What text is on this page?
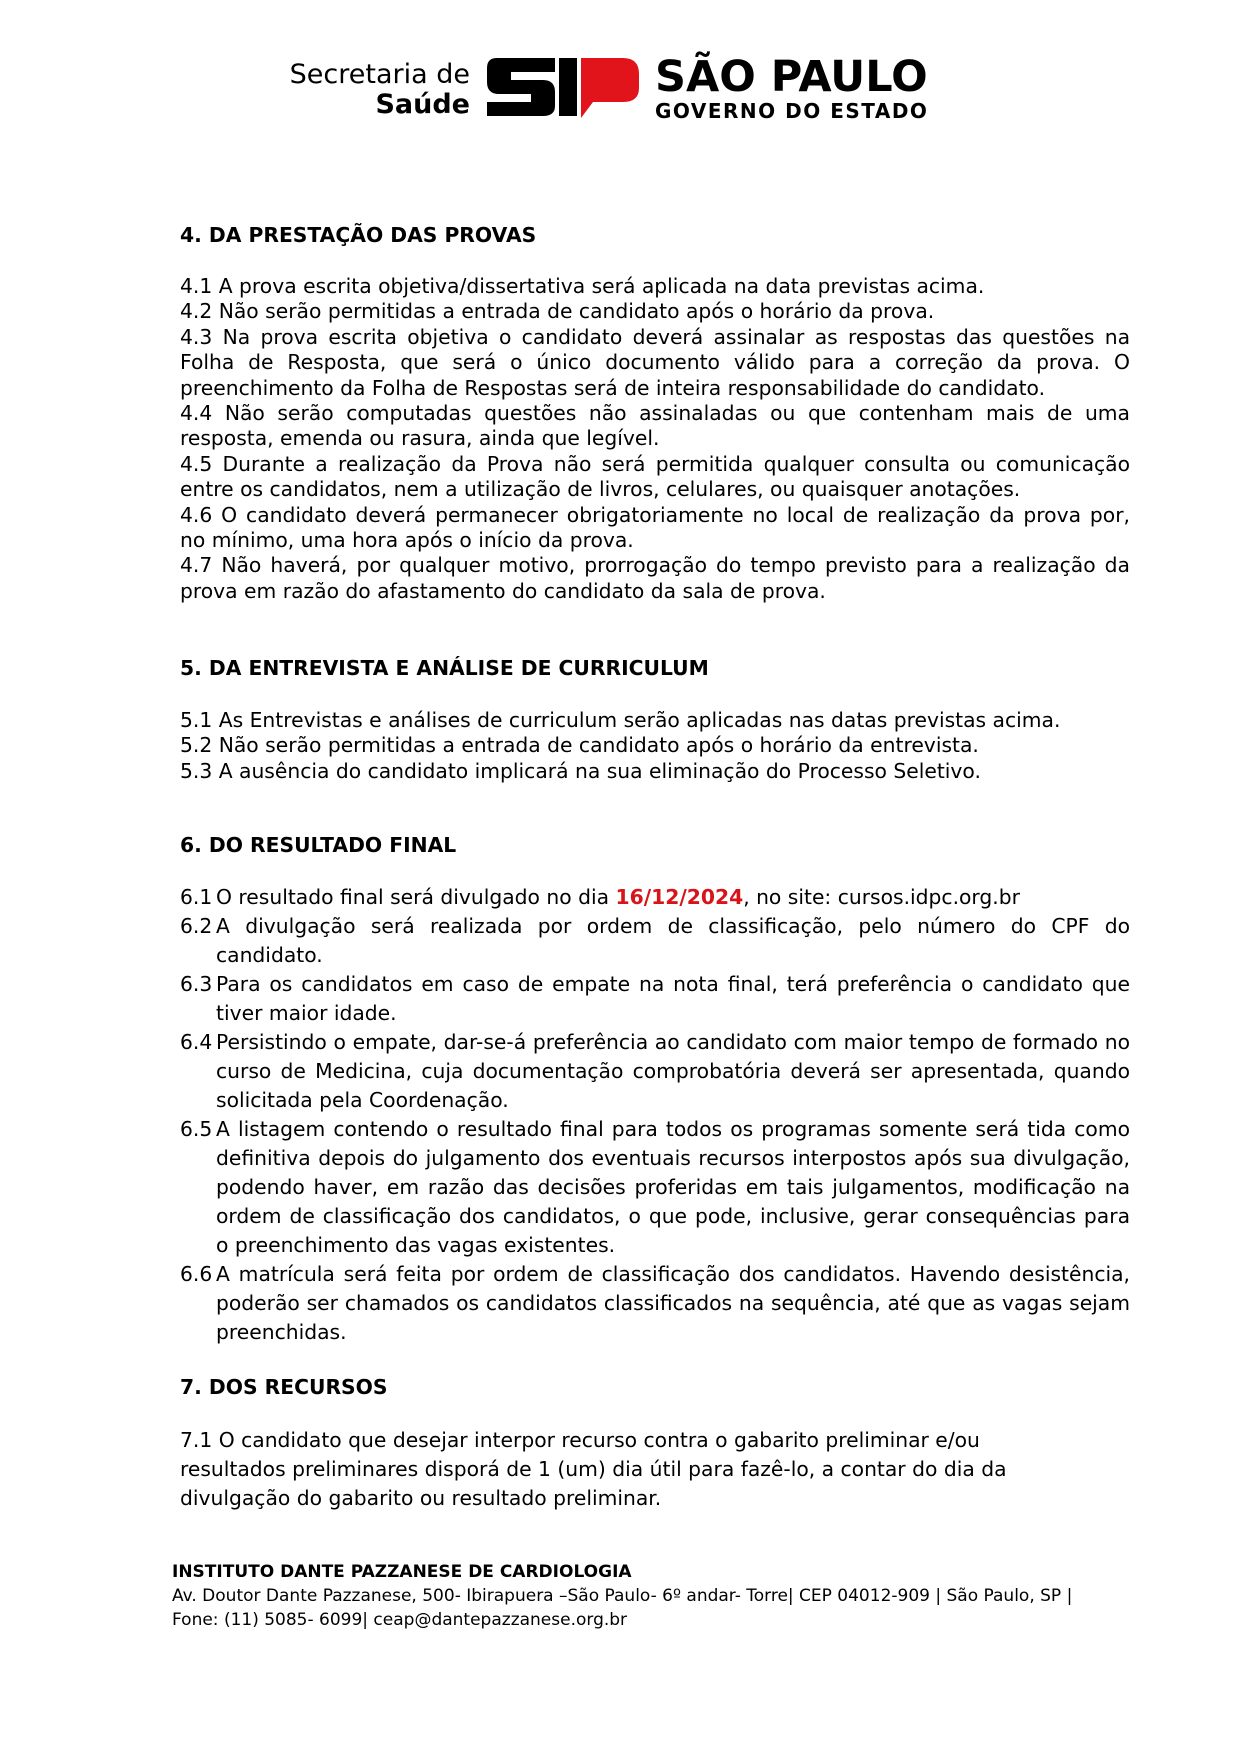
Secretaria de
Saúde
SÃO PAULO
GOVERNO DO ESTADO
4. DA PRESTAÇÃO DAS PROVAS

4.1 A prova escrita objetiva/dissertativa será aplicada na data previstas acima.

4.2 Não serão permitidas a entrada de candidato após o horário da prova.

4.3 Na prova escrita objetiva o candidato deverá assinalar as respostas das questões na Folha de Resposta, que será o único documento válido para a correção da prova. O preenchimento da Folha de Respostas será de inteira responsabilidade do candidato.

4.4 Não serão computadas questões não assinaladas ou que contenham mais de uma resposta, emenda ou rasura, ainda que legível.

4.5 Durante a realização da Prova não será permitida qualquer consulta ou comunicação entre os candidatos, nem a utilização de livros, celulares, ou quaisquer anotações.

4.6 O candidato deverá permanecer obrigatoriamente no local de realização da prova por, no mínimo, uma hora após o início da prova.

4.7 Não haverá, por qualquer motivo, prorrogação do tempo previsto para a realização da prova em razão do afastamento do candidato da sala de prova.

5. DA ENTREVISTA E ANÁLISE DE CURRICULUM

5.1 As Entrevistas e análises de curriculum serão aplicadas nas datas previstas acima.

5.2 Não serão permitidas a entrada de candidato após o horário da entrevista.

5.3 A ausência do candidato implicará na sua eliminação do Processo Seletivo.

6. DO RESULTADO FINAL

6.1 O resultado final será divulgado no dia 16/12/2024, no site: cursos.idpc.org.br

6.2 A divulgação será realizada por ordem de classificação, pelo número do CPF do candidato.

6.3 Para os candidatos em caso de empate na nota final, terá preferência o candidato que tiver maior idade.

6.4 Persistindo o empate, dar-se-á preferência ao candidato com maior tempo de formado no curso de Medicina, cuja documentação comprobatória deverá ser apresentada, quando solicitada pela Coordenação.

6.5 A listagem contendo o resultado final para todos os programas somente será tida como definitiva depois do julgamento dos eventuais recursos interpostos após sua divulgação, podendo haver, em razão das decisões proferidas em tais julgamentos, modificação na ordem de classificação dos candidatos, o que pode, inclusive, gerar consequências para o preenchimento das vagas existentes.

6.6 A matrícula será feita por ordem de classificação dos candidatos. Havendo desistência, poderão ser chamados os candidatos classificados na sequência, até que as vagas sejam preenchidas.

7. DOS RECURSOS

7.1 O candidato que desejar interpor recurso contra o gabarito preliminar e/ou resultados preliminares disporá de 1 (um) dia útil para fazê-lo, a contar do dia da divulgação do gabarito ou resultado preliminar.

INSTITUTO DANTE PAZZANESE DE CARDIOLOGIA
Av. Doutor Dante Pazzanese, 500- Ibirapuera –São Paulo- 6º andar- Torre| CEP 04012-909 | São Paulo, SP |
Fone: (11) 5085- 6099| ceap@dantepazzanese.org.br
